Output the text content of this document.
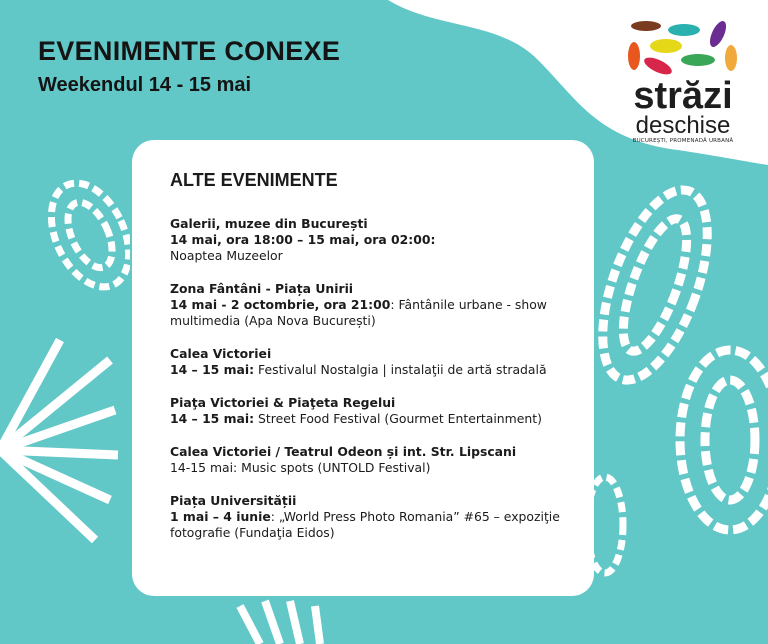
EVENIMENTE CONEXE
Weekendul 14 - 15 mai	străzi
deschise
BUCUREȘTI, PROMENADĂ URBANĂ
ALTE EVENIMENTE
Galerii, muzee din București
14 mai, ora 18:00 – 15 mai, ora 02:00:
Noaptea Muzeelor
Zona Fântâni - Piața Unirii
14 mai - 2 octombrie, ora 21:00: Fântânile urbane - show multimedia (Apa Nova București)
Calea Victoriei
14 – 15 mai: Festivalul Nostalgia | instalaţii de artă stradală
Piaţa Victoriei & Piaţeta Regelui
14 – 15 mai: Street Food Festival (Gourmet Entertainment)
Calea Victoriei / Teatrul Odeon și int. Str. Lipscani
14-15 mai: Music spots (UNTOLD Festival)
Piața Universității
1 mai – 4 iunie: „World Press Photo Romania” #65 – expoziţie fotografie (Fundaţia Eidos)
